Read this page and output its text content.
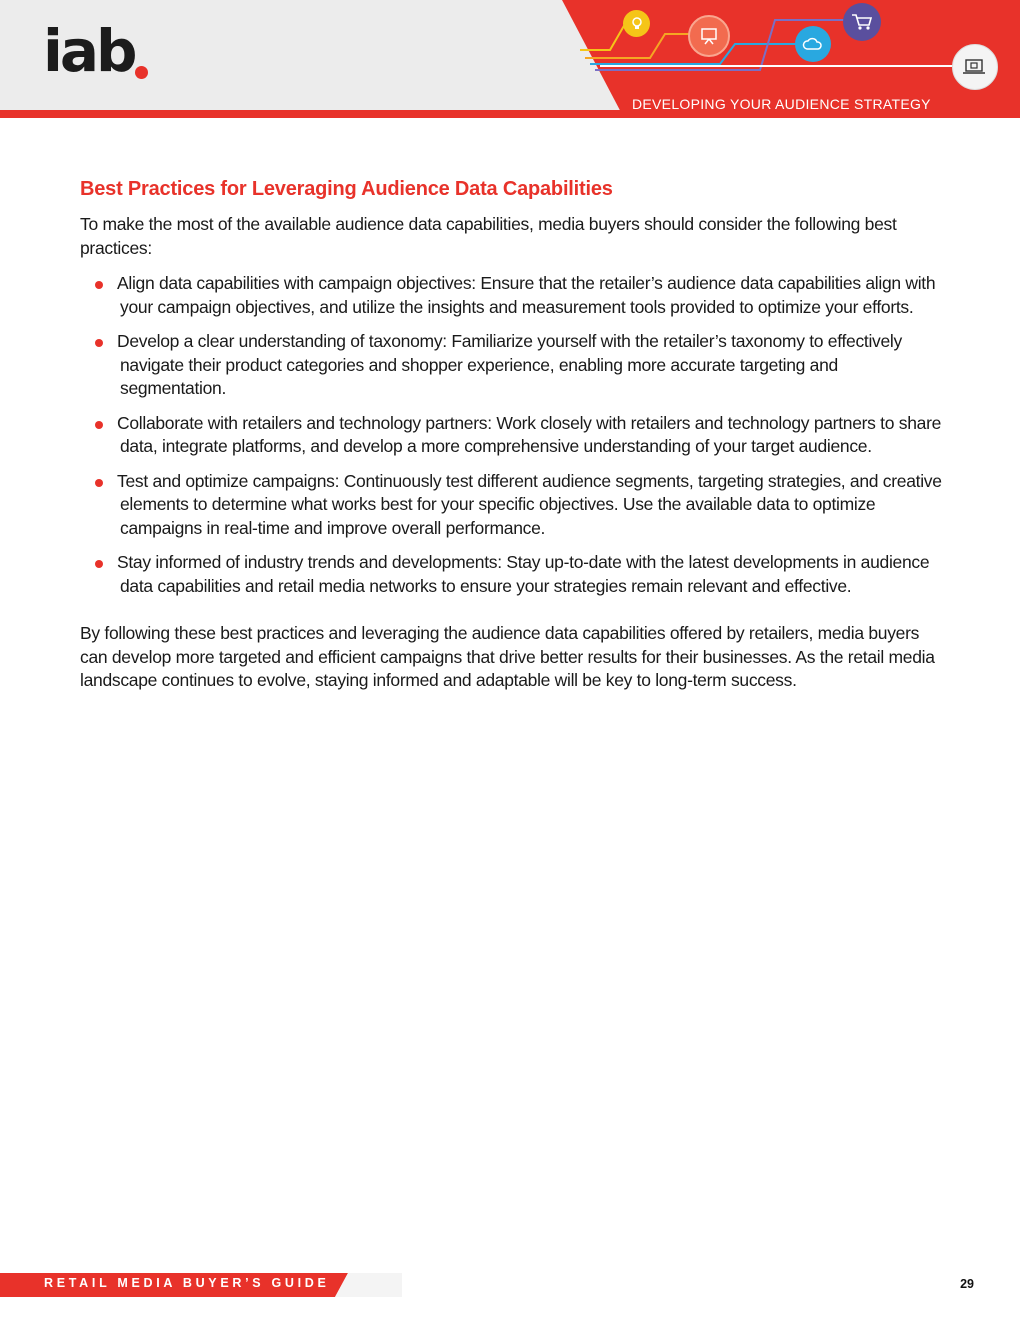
iab
DEVELOPING YOUR AUDIENCE STRATEGY
Best Practices for Leveraging Audience Data Capabilities

To make the most of the available audience data capabilities, media buyers should consider the following best practices:

Align data capabilities with campaign objectives: Ensure that the retailer’s audience data capabilities align with your campaign objectives, and utilize the insights and measurement tools provided to optimize your efforts.
Develop a clear understanding of taxonomy: Familiarize yourself with the retailer’s taxonomy to effectively navigate their product categories and shopper experience, enabling more accurate targeting and segmentation.
Collaborate with retailers and technology partners: Work closely with retailers and technology partners to share data, integrate platforms, and develop a more comprehensive understanding of your target audience.
Test and optimize campaigns: Continuously test different audience segments, targeting strategies, and creative elements to determine what works best for your specific objectives. Use the available data to optimize campaigns in real-time and improve overall performance.
Stay informed of industry trends and developments: Stay up-to-date with the latest developments in audience data capabilities and retail media networks to ensure your strategies remain relevant and effective.

By following these best practices and leveraging the audience data capabilities offered by retailers, media buyers can develop more targeted and efficient campaigns that drive better results for their businesses. As the retail media landscape continues to evolve, staying informed and adaptable will be key to long-term success.

RETAIL MEDIA BUYER’S GUIDE	29
